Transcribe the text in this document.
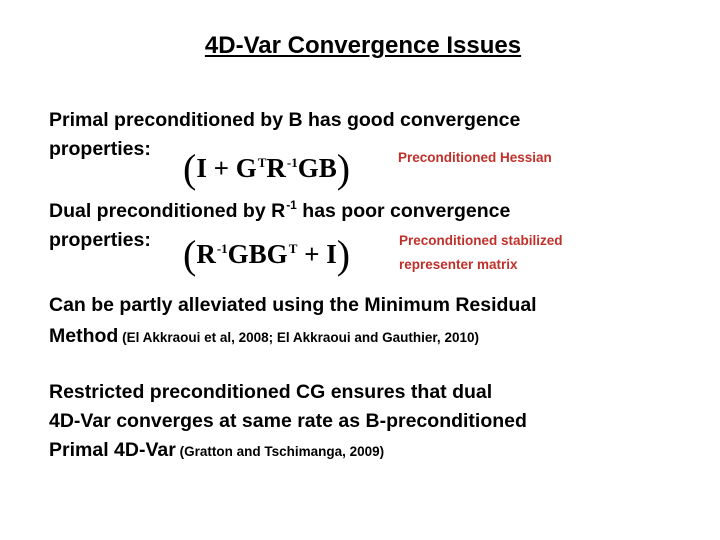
4D-Var Convergence Issues
Primal preconditioned by B has good convergence
properties: $(I + G^TR^{-1}GB)$	Preconditioned Hessian
Dual preconditioned by $R^{-1}$ has poor convergence
properties: $(R^{-1}GBG^T + I)$	Preconditioned stabilized
representer matrix
Can be partly alleviated using the Minimum Residual
Method (El Akkraoui et al, 2008; El Akkraoui and Gauthier, 2010)
Restricted preconditioned CG ensures that dual
4D-Var converges at same rate as B-preconditioned
Primal 4D-Var (Gratton and Tschimanga, 2009)
